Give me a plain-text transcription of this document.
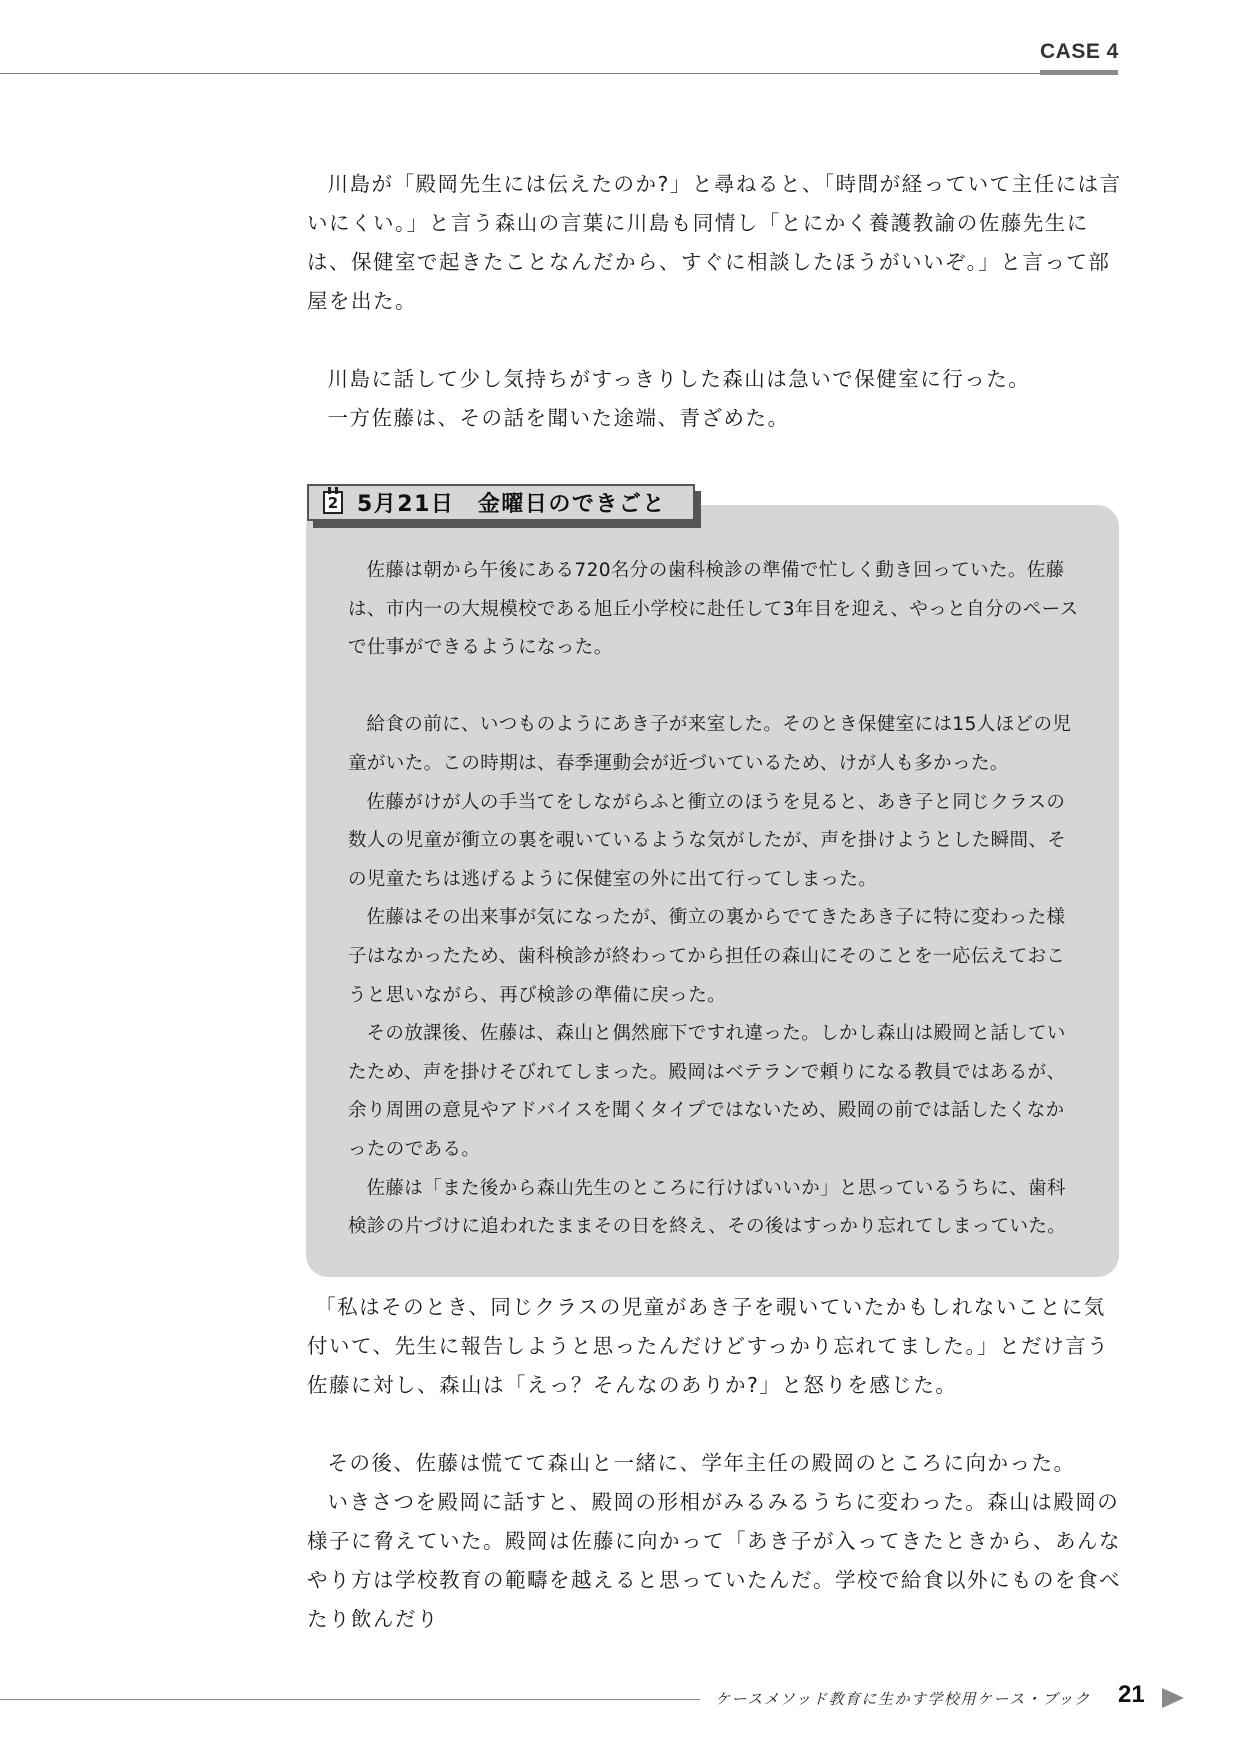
CASE 4

川島が「殿岡先生には伝えたのか?」と尋ねると、「時間が経っていて主任には言いにくい。」と言う森山の言葉に川島も同情し「とにかく養護教諭の佐藤先生には、保健室で起きたことなんだから、すぐに相談したほうがいいぞ。」と言って部屋を出た。

川島に話して少し気持ちがすっきりした森山は急いで保健室に行った。

一方佐藤は、その話を聞いた途端、青ざめた。

2 5月21日　金曜日のできごと

佐藤は朝から午後にある720名分の歯科検診の準備で忙しく動き回っていた。佐藤は、市内一の大規模校である旭丘小学校に赴任して3年目を迎え、やっと自分のペースで仕事ができるようになった。

給食の前に、いつものようにあき子が来室した。そのとき保健室には15人ほどの児童がいた。この時期は、春季運動会が近づいているため、けが人も多かった。

佐藤がけが人の手当てをしながらふと衝立のほうを見ると、あき子と同じクラスの数人の児童が衝立の裏を覗いているような気がしたが、声を掛けようとした瞬間、その児童たちは逃げるように保健室の外に出て行ってしまった。

佐藤はその出来事が気になったが、衝立の裏からでてきたあき子に特に変わった様子はなかったため、歯科検診が終わってから担任の森山にそのことを一応伝えておこうと思いながら、再び検診の準備に戻った。

その放課後、佐藤は、森山と偶然廊下ですれ違った。しかし森山は殿岡と話していたため、声を掛けそびれてしまった。殿岡はベテランで頼りになる教員ではあるが、余り周囲の意見やアドバイスを聞くタイプではないため、殿岡の前では話したくなかったのである。

佐藤は「また後から森山先生のところに行けばいいか」と思っているうちに、歯科検診の片づけに追われたままその日を終え、その後はすっかり忘れてしまっていた。

「私はそのとき、同じクラスの児童があき子を覗いていたかもしれないことに気付いて、先生に報告しようと思ったんだけどすっかり忘れてました。」とだけ言う佐藤に対し、森山は「えっ？そんなのありか?」と怒りを感じた。

その後、佐藤は慌てて森山と一緒に、学年主任の殿岡のところに向かった。

いきさつを殿岡に話すと、殿岡の形相がみるみるうちに変わった。森山は殿岡の様子に脅えていた。殿岡は佐藤に向かって「あき子が入ってきたときから、あんなやり方は学校教育の範疇を越えると思っていたんだ。学校で給食以外にものを食べたり飲んだり

ケースメソッド教育に生かす学校用ケース・ブック 21
